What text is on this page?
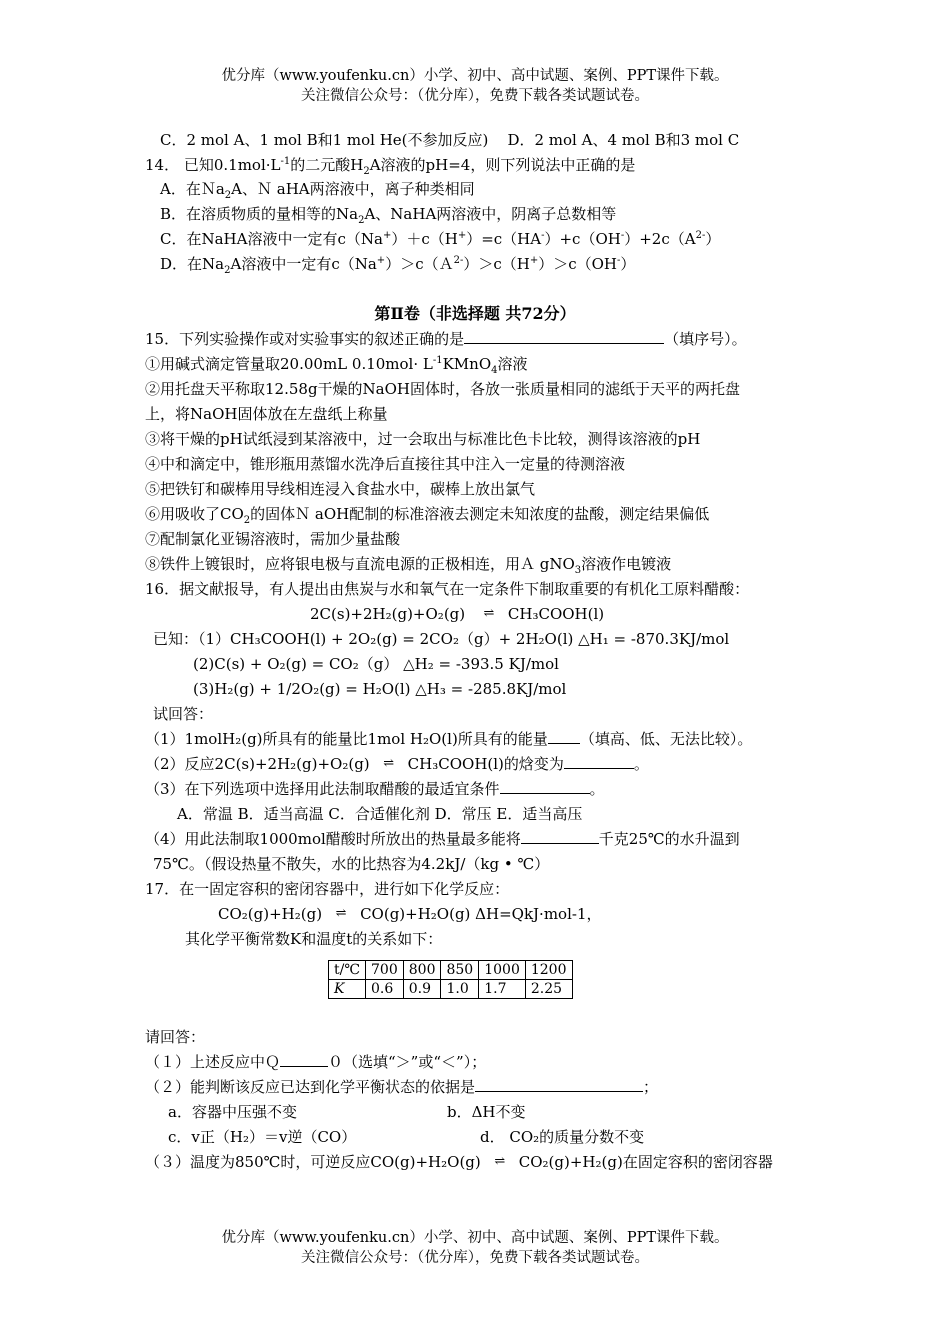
优分库（www.youfenku.cn）小学、初中、高中试题、案例、PPT课件下载。
关注微信公众号：（优分库），免费下载各类试题试卷。
C．2 mol A、1 mol B和1 mol He(不参加反应) D．2 mol A、4 mol B和3 mol C
14． 已知$0.1mol\cdot L^{-1}$的二元酸$H_2A$溶液的pH=4，则下列说法中正确的是
A．在Ｎa$_2$A、Ｎ aHA两溶液中，离子种类相同
B．在溶质物质的量相等的$Na_2A$、NaHA两溶液中，阴离子总数相等
C．在NaHA溶液中一定有$c(Na^+)+c(H^+)=c(HA^-)+c(OH^-)+2c(A^{2-})$
D．在$Na_2A$溶液中一定有c（Na+）＞c（Ａ$^{2-}$）＞c（H+）＞c（OH-）
第Ⅱ卷（非选择题 共72分）
15．下列实验操作或对实验事实的叙述正确的是	（填序号）。
①用碱式滴定管量取20.00mL $0.10mol\cdot L^{-1}KMnO_4$溶液
②用托盘天平称取12.58g干燥的NaOH固体时，各放一张质量相同的滤纸于天平的两托盘
上，将NaOH固体放在左盘纸上称量
③将干燥的pH试纸浸到某溶液中，过一会取出与标准比色卡比较，测得该溶液的pH
④中和滴定中，锥形瓶用蒸馏水洗净后直接往其中注入一定量的待测溶液
⑤把铁钉和碳棒用导线相连浸入食盐水中，碳棒上放出氯气
⑥用吸收了$CO_2$的固体Ｎ aOH配制的标准溶液去测定未知浓度的盐酸，测定结果偏低
⑦配制氯化亚锡溶液时，需加少量盐酸
⑧铁件上镀银时，应将银电极与直流电源的正极相连，用Ａ gNO$_3$溶液作电镀液
16．据文献报导，有人提出由焦炭与水和氧气在一定条件下制取重要的有机化工原料醋酸：
2C(s)+2H₂(g)+O₂(g) ⇌ CH₃COOH(l)
已知：（1）CH₃COOH(l) + 2O₂(g) = 2CO₂（g）+ 2H₂O(l) △H₁ = -870.3KJ/mol
(2)C(s) + O₂(g) = CO₂（g） △H₂ = -393.5 KJ/mol
(3)H₂(g) + 1/2O₂(g) = H₂O(l) △H₃ = -285.8KJ/mol
试回答：
（1）1molH₂(g)所具有的能量比1mol H₂O(l)所具有的能量 （填高、低、无法比较）。
（2）反应2C(s)+2H₂(g)+O₂(g) ⇌ CH₃COOH(l)的焓变为	。
（3）在下列选项中选择用此法制取醋酸的最适宜条件	。
A．常温 B．适当高温 C．合适催化剂 D．常压 E．适当高压
（4）用此法制取1000mol醋酸时所放出的热量最多能将	千克25℃的水升温到
75℃。（假设热量不散失，水的比热容为4.2kJ/（kg • ℃）
17．在一固定容积的密闭容器中，进行如下化学反应：
CO₂(g)+H₂(g) ⇌ CO(g)+H₂O(g) ΔH=QkJ·mol-1，
其化学平衡常数K和温度t的关系如下：
t/℃	700	800	850	1000	1200
K	0.6	0.9	1.0	1.7	2.25
请回答：
（１）上述反应中Ｑ	０（选填“＞”或“＜”）；
（２）能判断该反应已达到化学平衡状态的依据是	；
a．容器中压强不变	b．ΔH不变
c．v正（H₂）＝v逆（CO）	d． CO₂的质量分数不变
（３）温度为850℃时，可逆反应CO(g)+H₂O(g) ⇌ CO₂(g)+H₂(g)在固定容积的密闭容器
优分库（www.youfenku.cn）小学、初中、高中试题、案例、PPT课件下载。
关注微信公众号：（优分库），免费下载各类试题试卷。
